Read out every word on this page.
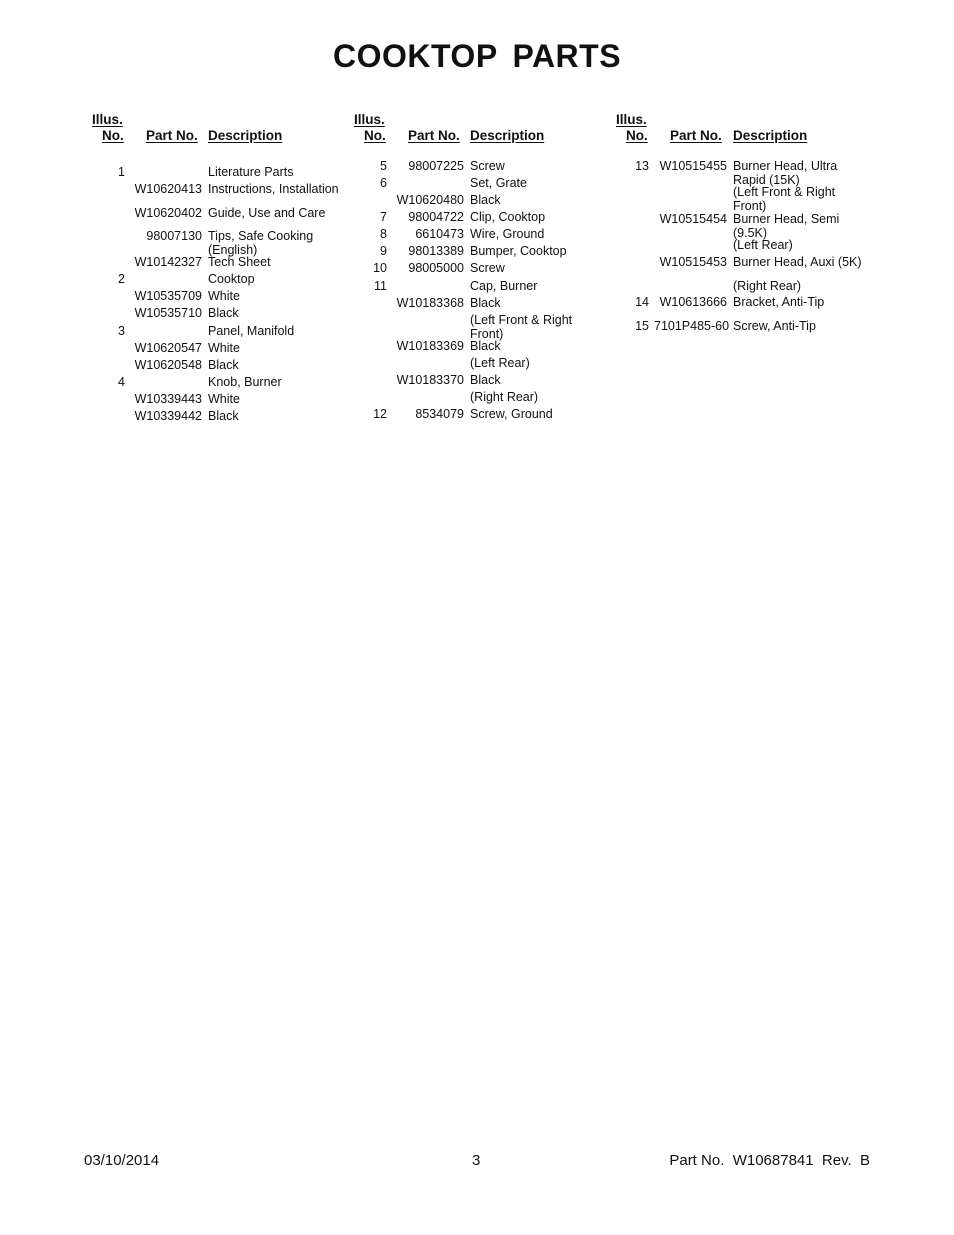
COOKTOP PARTS
Illus.
No. Part No. Description
1	Literature Parts
W10620413 Instructions, Installation
W10620402 Guide, Use and Care
98007130 Tips, Safe Cooking (English)
W10142327 Tech Sheet
2	Cooktop
W10535709 White
W10535710 Black
3	Panel, Manifold
W10620547 White
W10620548 Black
4	Knob, Burner
W10339443 White
W10339442 Black
Illus.
No. Part No. Description
5	98007225 Screw
6	Set, Grate
W10620480 Black
7	98004722 Clip, Cooktop
8	6610473 Wire, Ground
9	98013389 Bumper, Cooktop
10	98005000 Screw
11	Cap, Burner
W10183368 Black
(Left Front & Right Front)
W10183369 Black
(Left Rear)
W10183370 Black
(Right Rear)
12	8534079 Screw, Ground
Illus.
No. Part No. Description
13 W10515455 Burner Head, Ultra Rapid (15K)
(Left Front & Right Front)
W10515454 Burner Head, Semi (9.5K)
(Left Rear)
W10515453 Burner Head, Auxi (5K)
(Right Rear)
14 W10613666 Bracket, Anti-Tip
15 7101P485-60 Screw, Anti-Tip
03/10/2014	3	Part No.  W10687841  Rev.  B
